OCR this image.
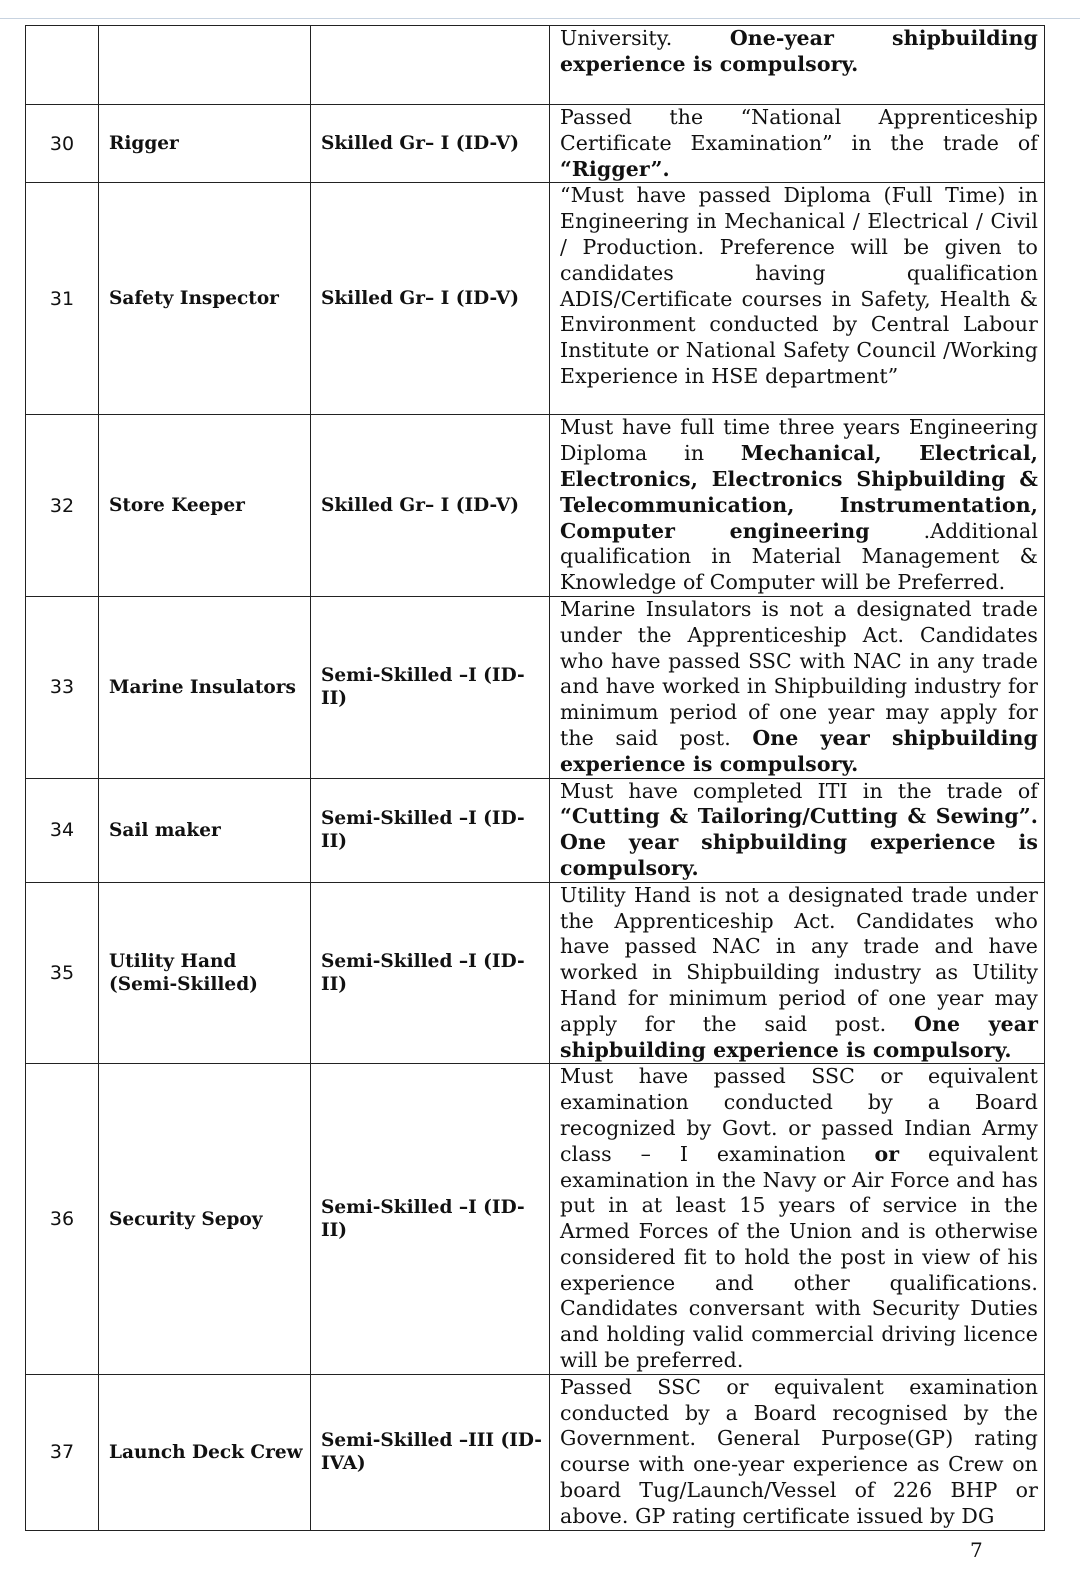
			University. One-year shipbuilding experience is compulsory.

30	Rigger	Skilled Gr– I (ID-V)	Passed the “National Apprenticeship Certificate Examination” in the trade of “Rigger”.

31	Safety Inspector	Skilled Gr– I (ID-V)	“Must have passed Diploma (Full Time) in Engineering in Mechanical / Electrical / Civil / Production. Preference will be given to candidates having qualification ADIS/Certificate courses in Safety, Health & Environment conducted by Central Labour Institute or National Safety Council /Working Experience in HSE department”

32	Store Keeper	Skilled Gr– I (ID-V)	Must have full time three years Engineering Diploma in Mechanical, Electrical, Electronics, Electronics Shipbuilding & Telecommunication, Instrumentation, Computer engineering .Additional qualification in Material Management & Knowledge of Computer will be Preferred.

33	Marine Insulators	Semi-Skilled –I (ID-II)	Marine Insulators is not a designated trade under the Apprenticeship Act. Candidates who have passed SSC with NAC in any trade and have worked in Shipbuilding industry for minimum period of one year may apply for the said post. One year shipbuilding experience is compulsory.

34	Sail maker	Semi-Skilled –I (ID-II)	Must have completed ITI in the trade of “Cutting & Tailoring/Cutting & Sewing”. One year shipbuilding experience is compulsory.

35	Utility Hand (Semi-Skilled)	Semi-Skilled –I (ID-II)	Utility Hand is not a designated trade under the Apprenticeship Act. Candidates who have passed NAC in any trade and have worked in Shipbuilding industry as Utility Hand for minimum period of one year may apply for the said post. One year shipbuilding experience is compulsory.

36	Security Sepoy	Semi-Skilled –I (ID-II)	Must have passed SSC or equivalent examination conducted by a Board recognized by Govt. or passed Indian Army class – I examination or equivalent examination in the Navy or Air Force and has put in at least 15 years of service in the Armed Forces of the Union and is otherwise considered fit to hold the post in view of his experience and other qualifications. Candidates conversant with Security Duties and holding valid commercial driving licence will be preferred.

37	Launch Deck Crew	Semi-Skilled –III (ID-IVA)	Passed SSC or equivalent examination conducted by a Board recognised by the Government. General Purpose(GP) rating course with one-year experience as Crew on board Tug/Launch/Vessel of 226 BHP or above. GP rating certificate issued by DG

7
